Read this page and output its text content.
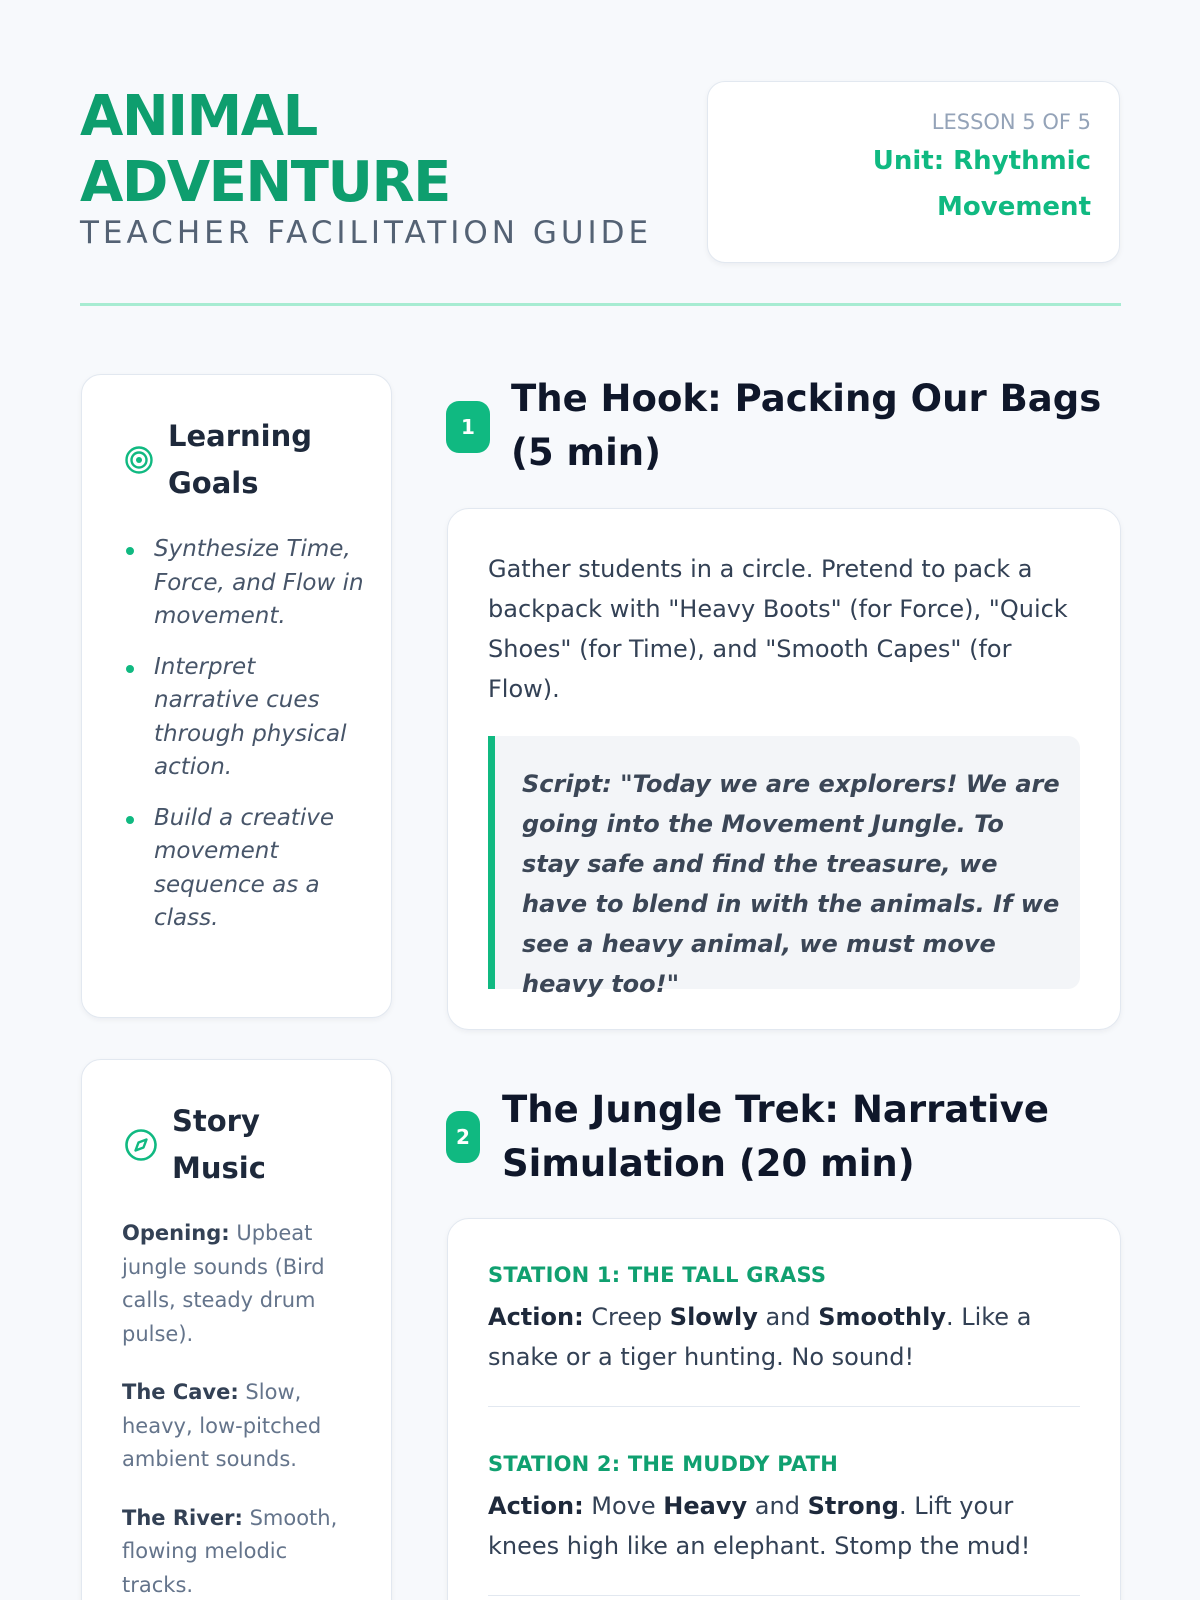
ANIMAL
ADVENTURE
TEACHER FACILITATION GUIDE
LESSON 5 OF 5
Unit: Rhythmic
Movement
Learning
Goals
Synthesize Time, Force, and Flow in movement.
Interpret narrative cues through physical action.
Build a creative movement sequence as a class.
Story
Music

Opening: Upbeat jungle sounds (Bird calls, steady drum pulse).

The Cave: Slow, heavy, low-pitched ambient sounds.

The River: Smooth, flowing melodic tracks.

1
The Hook: Packing Our Bags (5 min)

Gather students in a circle. Pretend to pack a backpack with "Heavy Boots" (for Force), "Quick Shoes" (for Time), and "Smooth Capes" (for Flow).

Script: "Today we are explorers! We are going into the Movement Jungle. To stay safe and find the treasure, we have to blend in with the animals. If we see a heavy animal, we must move heavy too!"
2
The Jungle Trek: Narrative Simulation (20 min)
STATION 1: THE TALL GRASS

Action: Creep Slowly and Smoothly. Like a snake or a tiger hunting. No sound!

STATION 2: THE MUDDY PATH

Action: Move Heavy and Strong. Lift your knees high like an elephant. Stomp the mud!
